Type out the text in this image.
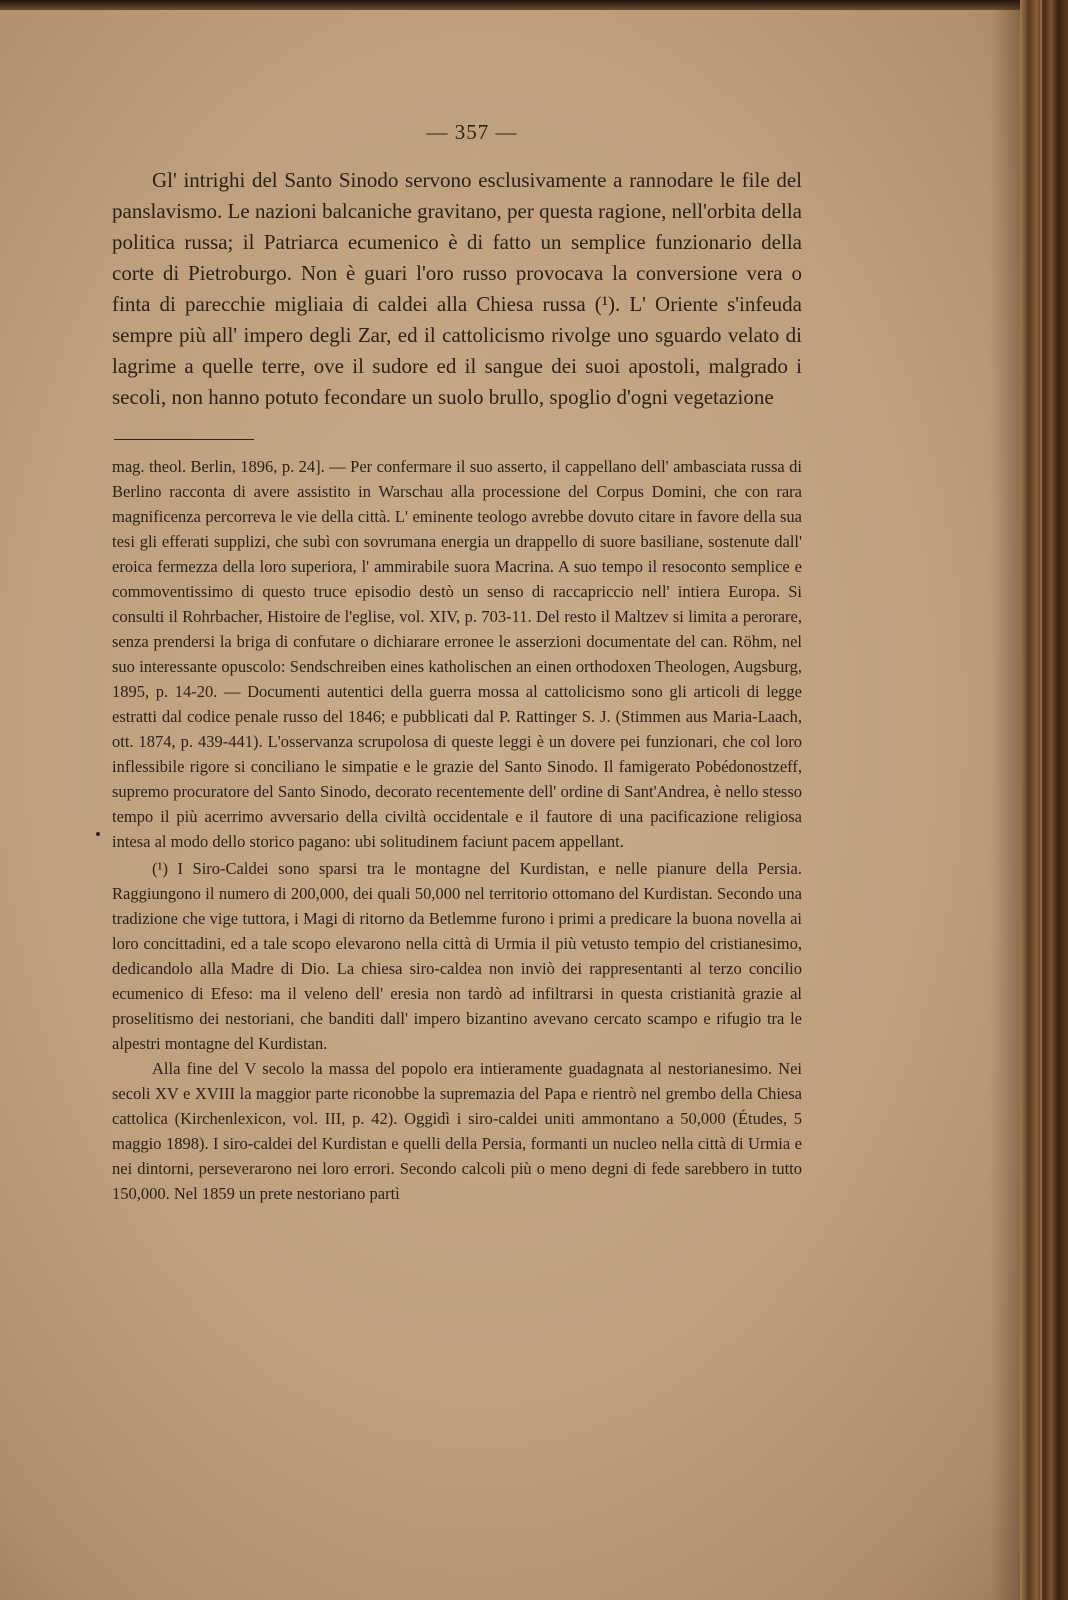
— 357 —

Gl' intrighi del Santo Sinodo servono esclusivamente a rannodare le file del panslavismo. Le nazioni balcaniche gravitano, per questa ragione, nell'orbita della politica russa; il Patriarca ecumenico è di fatto un semplice funzionario della corte di Pietroburgo. Non è guari l'oro russo provocava la conversione vera o finta di parecchie migliaia di caldei alla Chiesa russa (¹). L' Oriente s'infeuda sempre più all' impero degli Zar, ed il cattolicismo rivolge uno sguardo velato di lagrime a quelle terre, ove il sudore ed il sangue dei suoi apostoli, malgrado i secoli, non hanno potuto fecondare un suolo brullo, spoglio d'ogni vegetazione

mag. theol. Berlin, 1896, p. 24]. — Per confermare il suo asserto, il cappellano dell' ambasciata russa di Berlino racconta di avere assistito in Warschau alla processione del Corpus Domini, che con rara magnificenza percorreva le vie della città. L' eminente teologo avrebbe dovuto citare in favore della sua tesi gli efferati supplizi, che subì con sovrumana energia un drappello di suore basiliane, sostenute dall' eroica fermezza della loro superiora, l' ammirabile suora Macrina. A suo tempo il resoconto semplice e commoventissimo di questo truce episodio destò un senso di raccapriccio nell' intiera Europa. Si consulti il Rohrbacher, Histoire de l'eglise, vol. XIV, p. 703-11. Del resto il Maltzev si limita a perorare, senza prendersi la briga di confutare o dichiarare erronee le asserzioni documentate del can. Röhm, nel suo interessante opuscolo: Sendschreiben eines katholischen an einen orthodoxen Theologen, Augsburg, 1895, p. 14-20. — Documenti autentici della guerra mossa al cattolicismo sono gli articoli di legge estratti dal codice penale russo del 1846; e pubblicati dal P. Rattinger S. J. (Stimmen aus Maria-Laach, ott. 1874, p. 439-441). L'osservanza scrupolosa di queste leggi è un dovere pei funzionari, che col loro inflessibile rigore si conciliano le simpatie e le grazie del Santo Sinodo. Il famigerato Pobédonostzeff, supremo procuratore del Santo Sinodo, decorato recentemente dell' ordine di Sant'Andrea, è nello stesso tempo il più acerrimo avversario della civiltà occidentale e il fautore di una pacificazione religiosa intesa al modo dello storico pagano: ubi solitudinem faciunt pacem appellant.

(¹) I Siro-Caldei sono sparsi tra le montagne del Kurdistan, e nelle pianure della Persia. Raggiungono il numero di 200,000, dei quali 50,000 nel territorio ottomano del Kurdistan. Secondo una tradizione che vige tuttora, i Magi di ritorno da Betlemme furono i primi a predicare la buona novella ai loro concittadini, ed a tale scopo elevarono nella città di Urmia il più vetusto tempio del cristianesimo, dedicandolo alla Madre di Dio. La chiesa siro-caldea non inviò dei rappresentanti al terzo concilio ecumenico di Efeso: ma il veleno dell' eresia non tardò ad infiltrarsi in questa cristianità grazie al proselitismo dei nestoriani, che banditi dall' impero bizantino avevano cercato scampo e rifugio tra le alpestri montagne del Kurdistan.

Alla fine del V secolo la massa del popolo era intieramente guadagnata al nestorianesimo. Nei secoli XV e XVIII la maggior parte riconobbe la supremazia del Papa e rientrò nel grembo della Chiesa cattolica (Kirchenlexicon, vol. III, p. 42). Oggidì i siro-caldei uniti ammontano a 50,000 (Études, 5 maggio 1898). I siro-caldei del Kurdistan e quelli della Persia, formanti un nucleo nella città di Urmia e nei dintorni, perseverarono nei loro errori. Secondo calcoli più o meno degni di fede sarebbero in tutto 150,000. Nel 1859 un prete nestoriano partì
